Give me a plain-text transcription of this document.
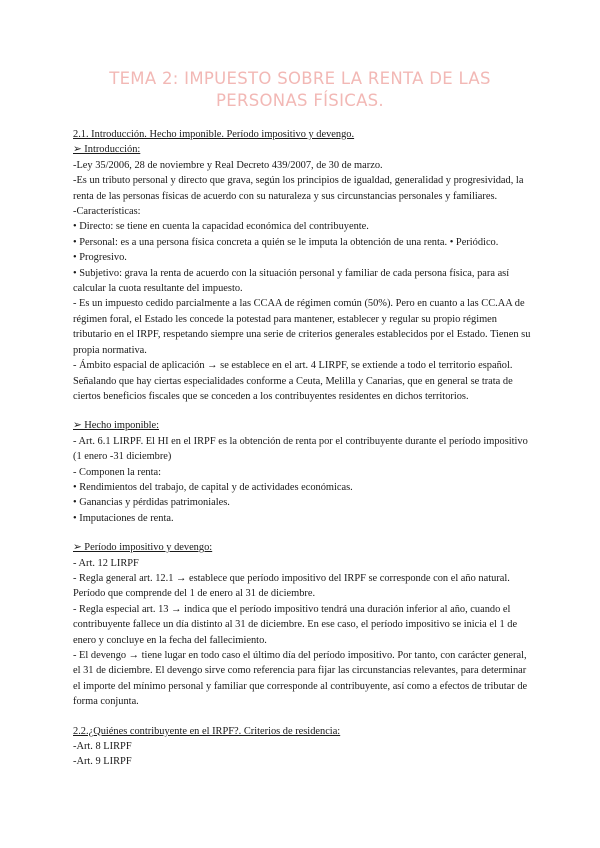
TEMA 2: IMPUESTO SOBRE LA RENTA DE LAS
PERSONAS FÍSICAS.
2.1. Introducción. Hecho imponible. Período impositivo y devengo.
➢ Introducción:
-Ley 35/2006, 28 de noviembre y Real Decreto 439/2007, de 30 de marzo.
-Es un tributo personal y directo que grava, según los principios de igualdad, generalidad y progresividad, la renta de las personas físicas de acuerdo con su naturaleza y sus circunstancias personales y familiares.
-Características:
• Directo: se tiene en cuenta la capacidad económica del contribuyente.
• Personal: es a una persona física concreta a quién se le imputa la obtención de una renta. • Periódico.
• Progresivo.
• Subjetivo: grava la renta de acuerdo con la situación personal y familiar de cada persona física, para así calcular la cuota resultante del impuesto.
- Es un impuesto cedido parcialmente a las CCAA de régimen común (50%). Pero en cuanto a las CC.AA de régimen foral, el Estado les concede la potestad para mantener, establecer y regular su propio régimen tributario en el IRPF, respetando siempre una serie de criterios generales establecidos por el Estado. Tienen su propia normativa.
- Ámbito espacial de aplicación → se establece en el art. 4 LIRPF, se extiende a todo el territorio español. Señalando que hay ciertas especialidades conforme a Ceuta, Melilla y Canarias, que en general se trata de ciertos beneficios fiscales que se conceden a los contribuyentes residentes en dichos territorios.
➢ Hecho imponible:
- Art. 6.1 LIRPF. El HI en el IRPF es la obtención de renta por el contribuyente durante el período impositivo (1 enero -31 diciembre)
- Componen la renta:
• Rendimientos del trabajo, de capital y de actividades económicas.
• Ganancias y pérdidas patrimoniales.
• Imputaciones de renta.
➢ Período impositivo y devengo:
- Art. 12 LIRPF
- Regla general art. 12.1 → establece que período impositivo del IRPF se corresponde con el año natural. Período que comprende del 1 de enero al 31 de diciembre.
- Regla especial art. 13 → indica que el período impositivo tendrá una duración inferior al año, cuando el contribuyente fallece un día distinto al 31 de diciembre. En ese caso, el período impositivo se inicia el 1 de enero y concluye en la fecha del fallecimiento.
- El devengo → tiene lugar en todo caso el último día del período impositivo. Por tanto, con carácter general, el 31 de diciembre. El devengo sirve como referencia para fijar las circunstancias relevantes, para determinar el importe del mínimo personal y familiar que corresponde al contribuyente, así como a efectos de tributar de forma conjunta.
2.2.¿Quiénes contribuyente en el IRPF?. Criterios de residencia:
-Art. 8 LIRPF
-Art. 9 LIRPF
